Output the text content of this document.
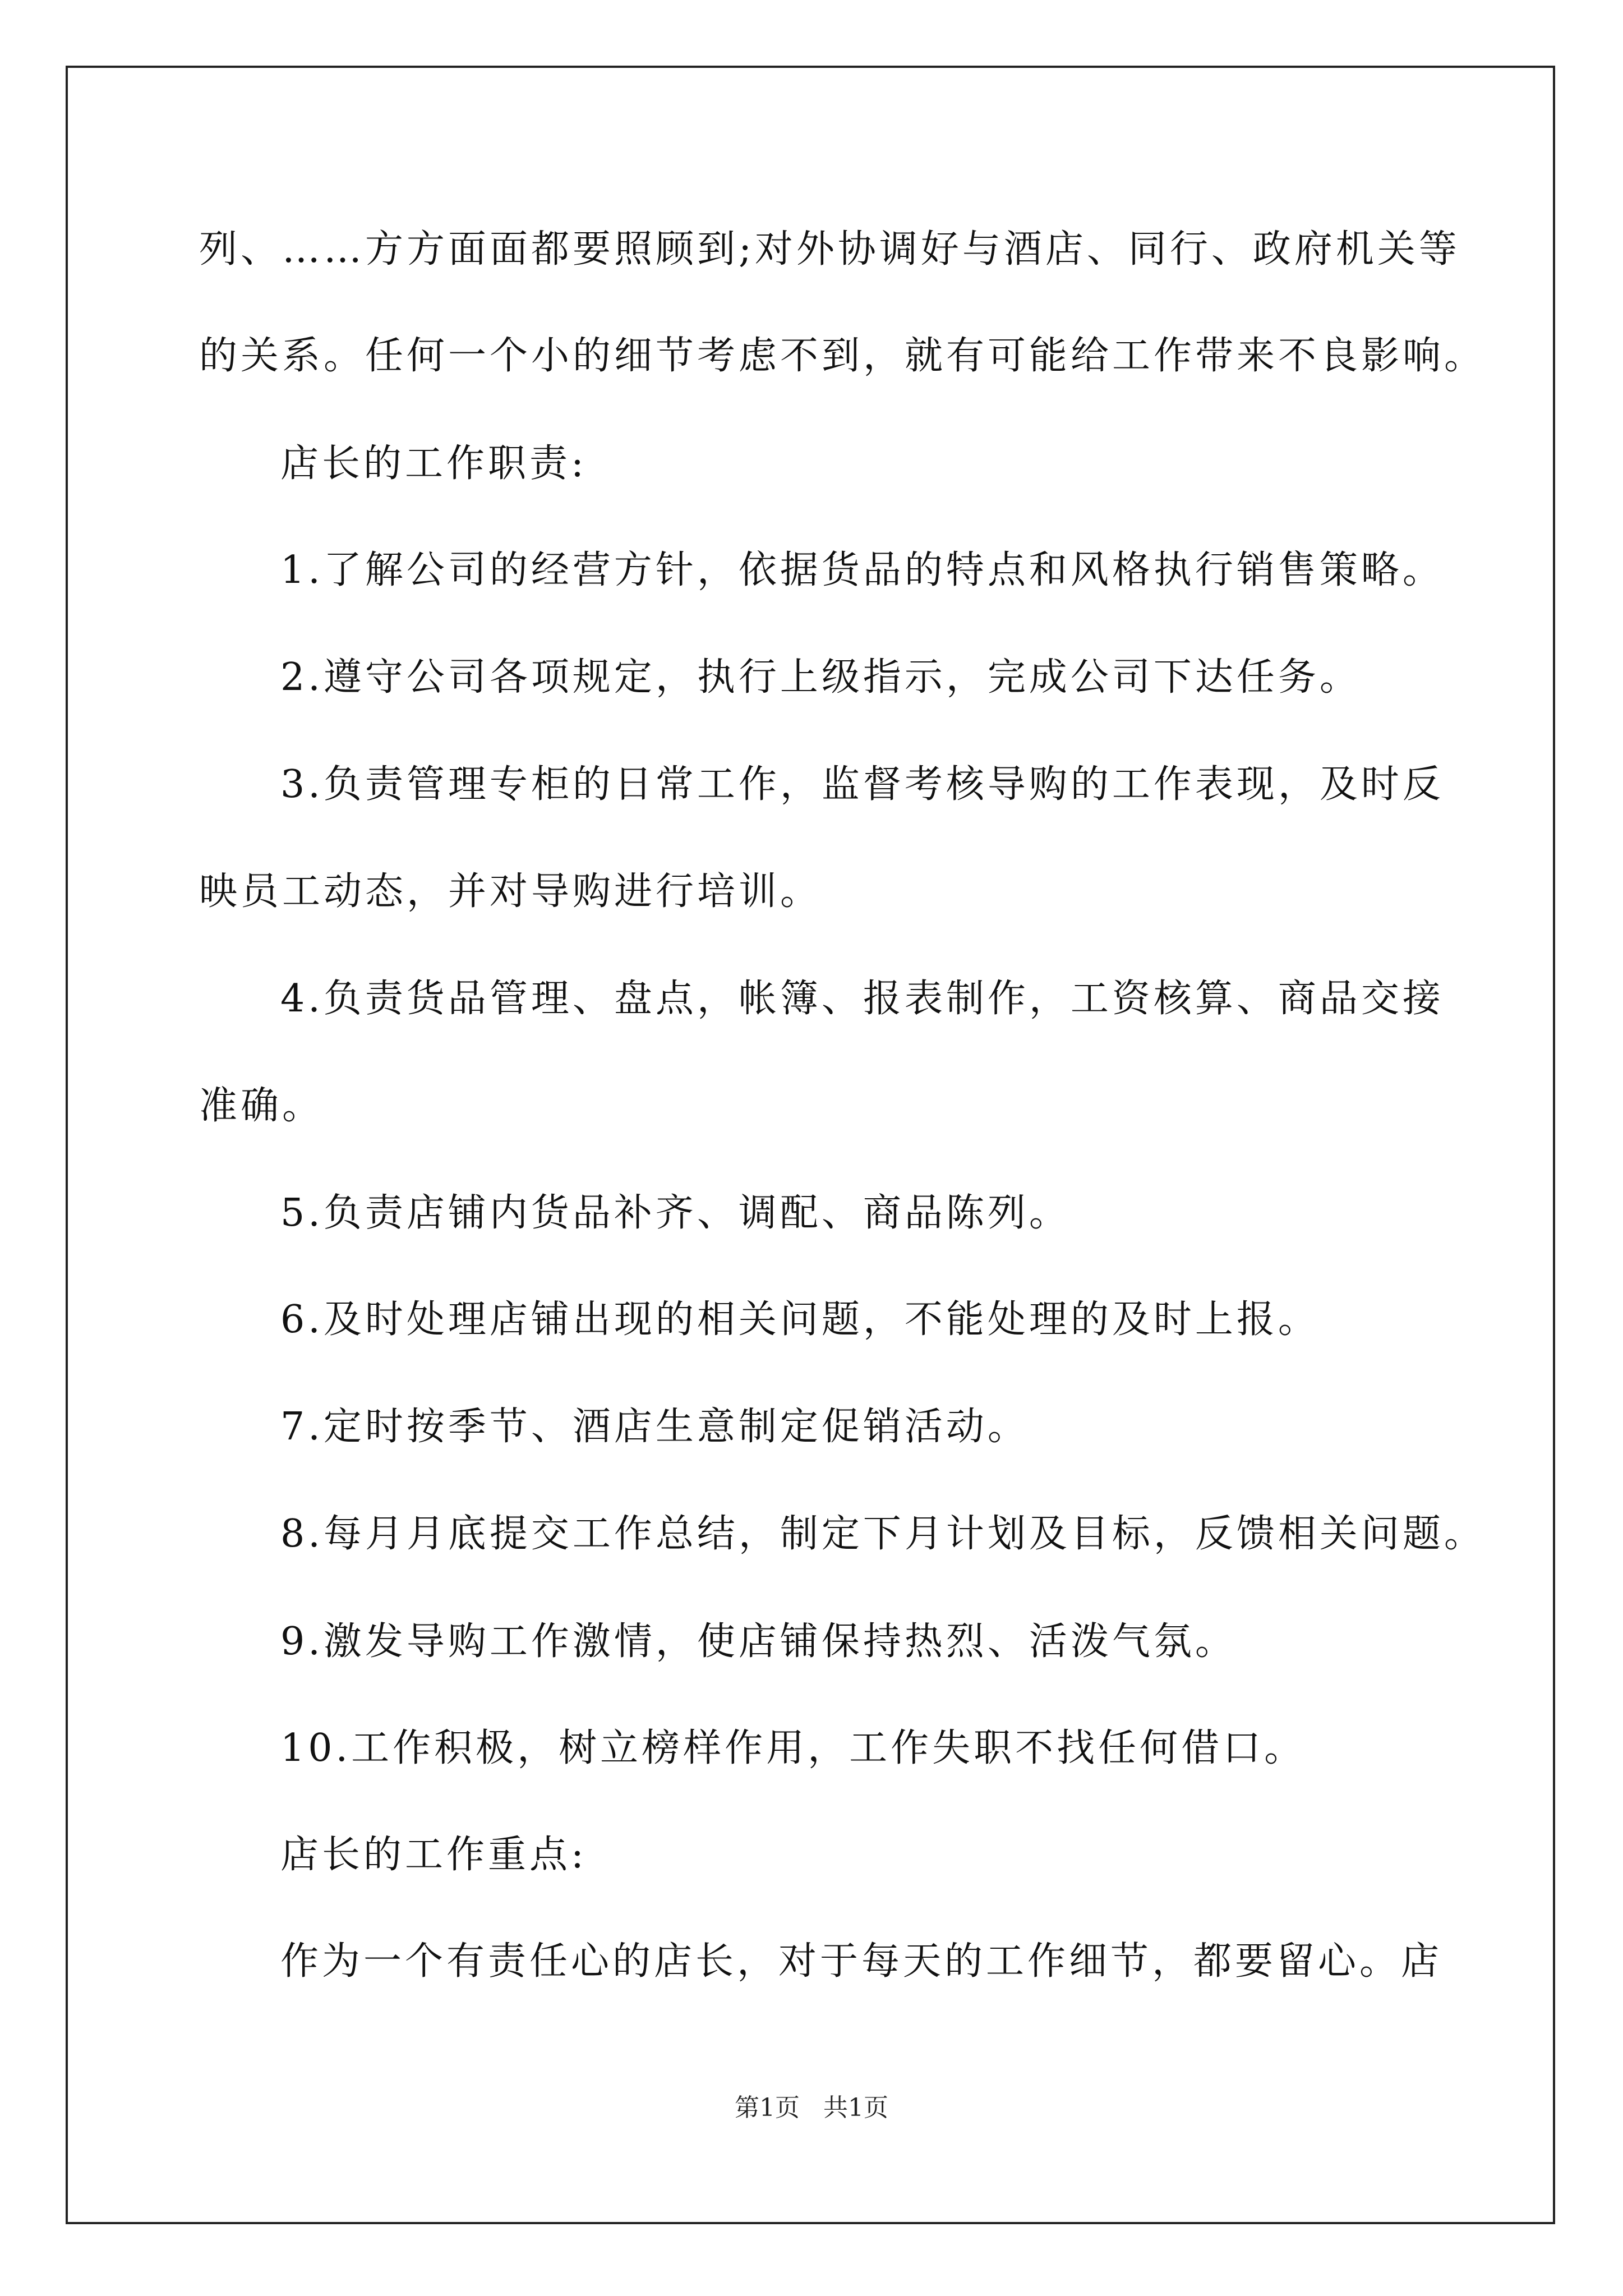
列、……方方面面都要照顾到;对外协调好与酒店、同行、政府机关等
的关系。任何一个小的细节考虑不到，就有可能给工作带来不良影响。
店长的工作职责:
1.了解公司的经营方针，依据货品的特点和风格执行销售策略。
2.遵守公司各项规定，执行上级指示，完成公司下达任务。
3.负责管理专柜的日常工作，监督考核导购的工作表现，及时反
映员工动态，并对导购进行培训。
4.负责货品管理、盘点，帐簿、报表制作，工资核算、商品交接
准确。
5.负责店铺内货品补齐、调配、商品陈列。
6.及时处理店铺出现的相关问题，不能处理的及时上报。
7.定时按季节、酒店生意制定促销活动。
8.每月月底提交工作总结，制定下月计划及目标，反馈相关问题。
9.激发导购工作激情，使店铺保持热烈、活泼气氛。
10.工作积极，树立榜样作用，工作失职不找任何借口。
店长的工作重点:
作为一个有责任心的店长，对于每天的工作细节，都要留心。店
第1页   共1页
